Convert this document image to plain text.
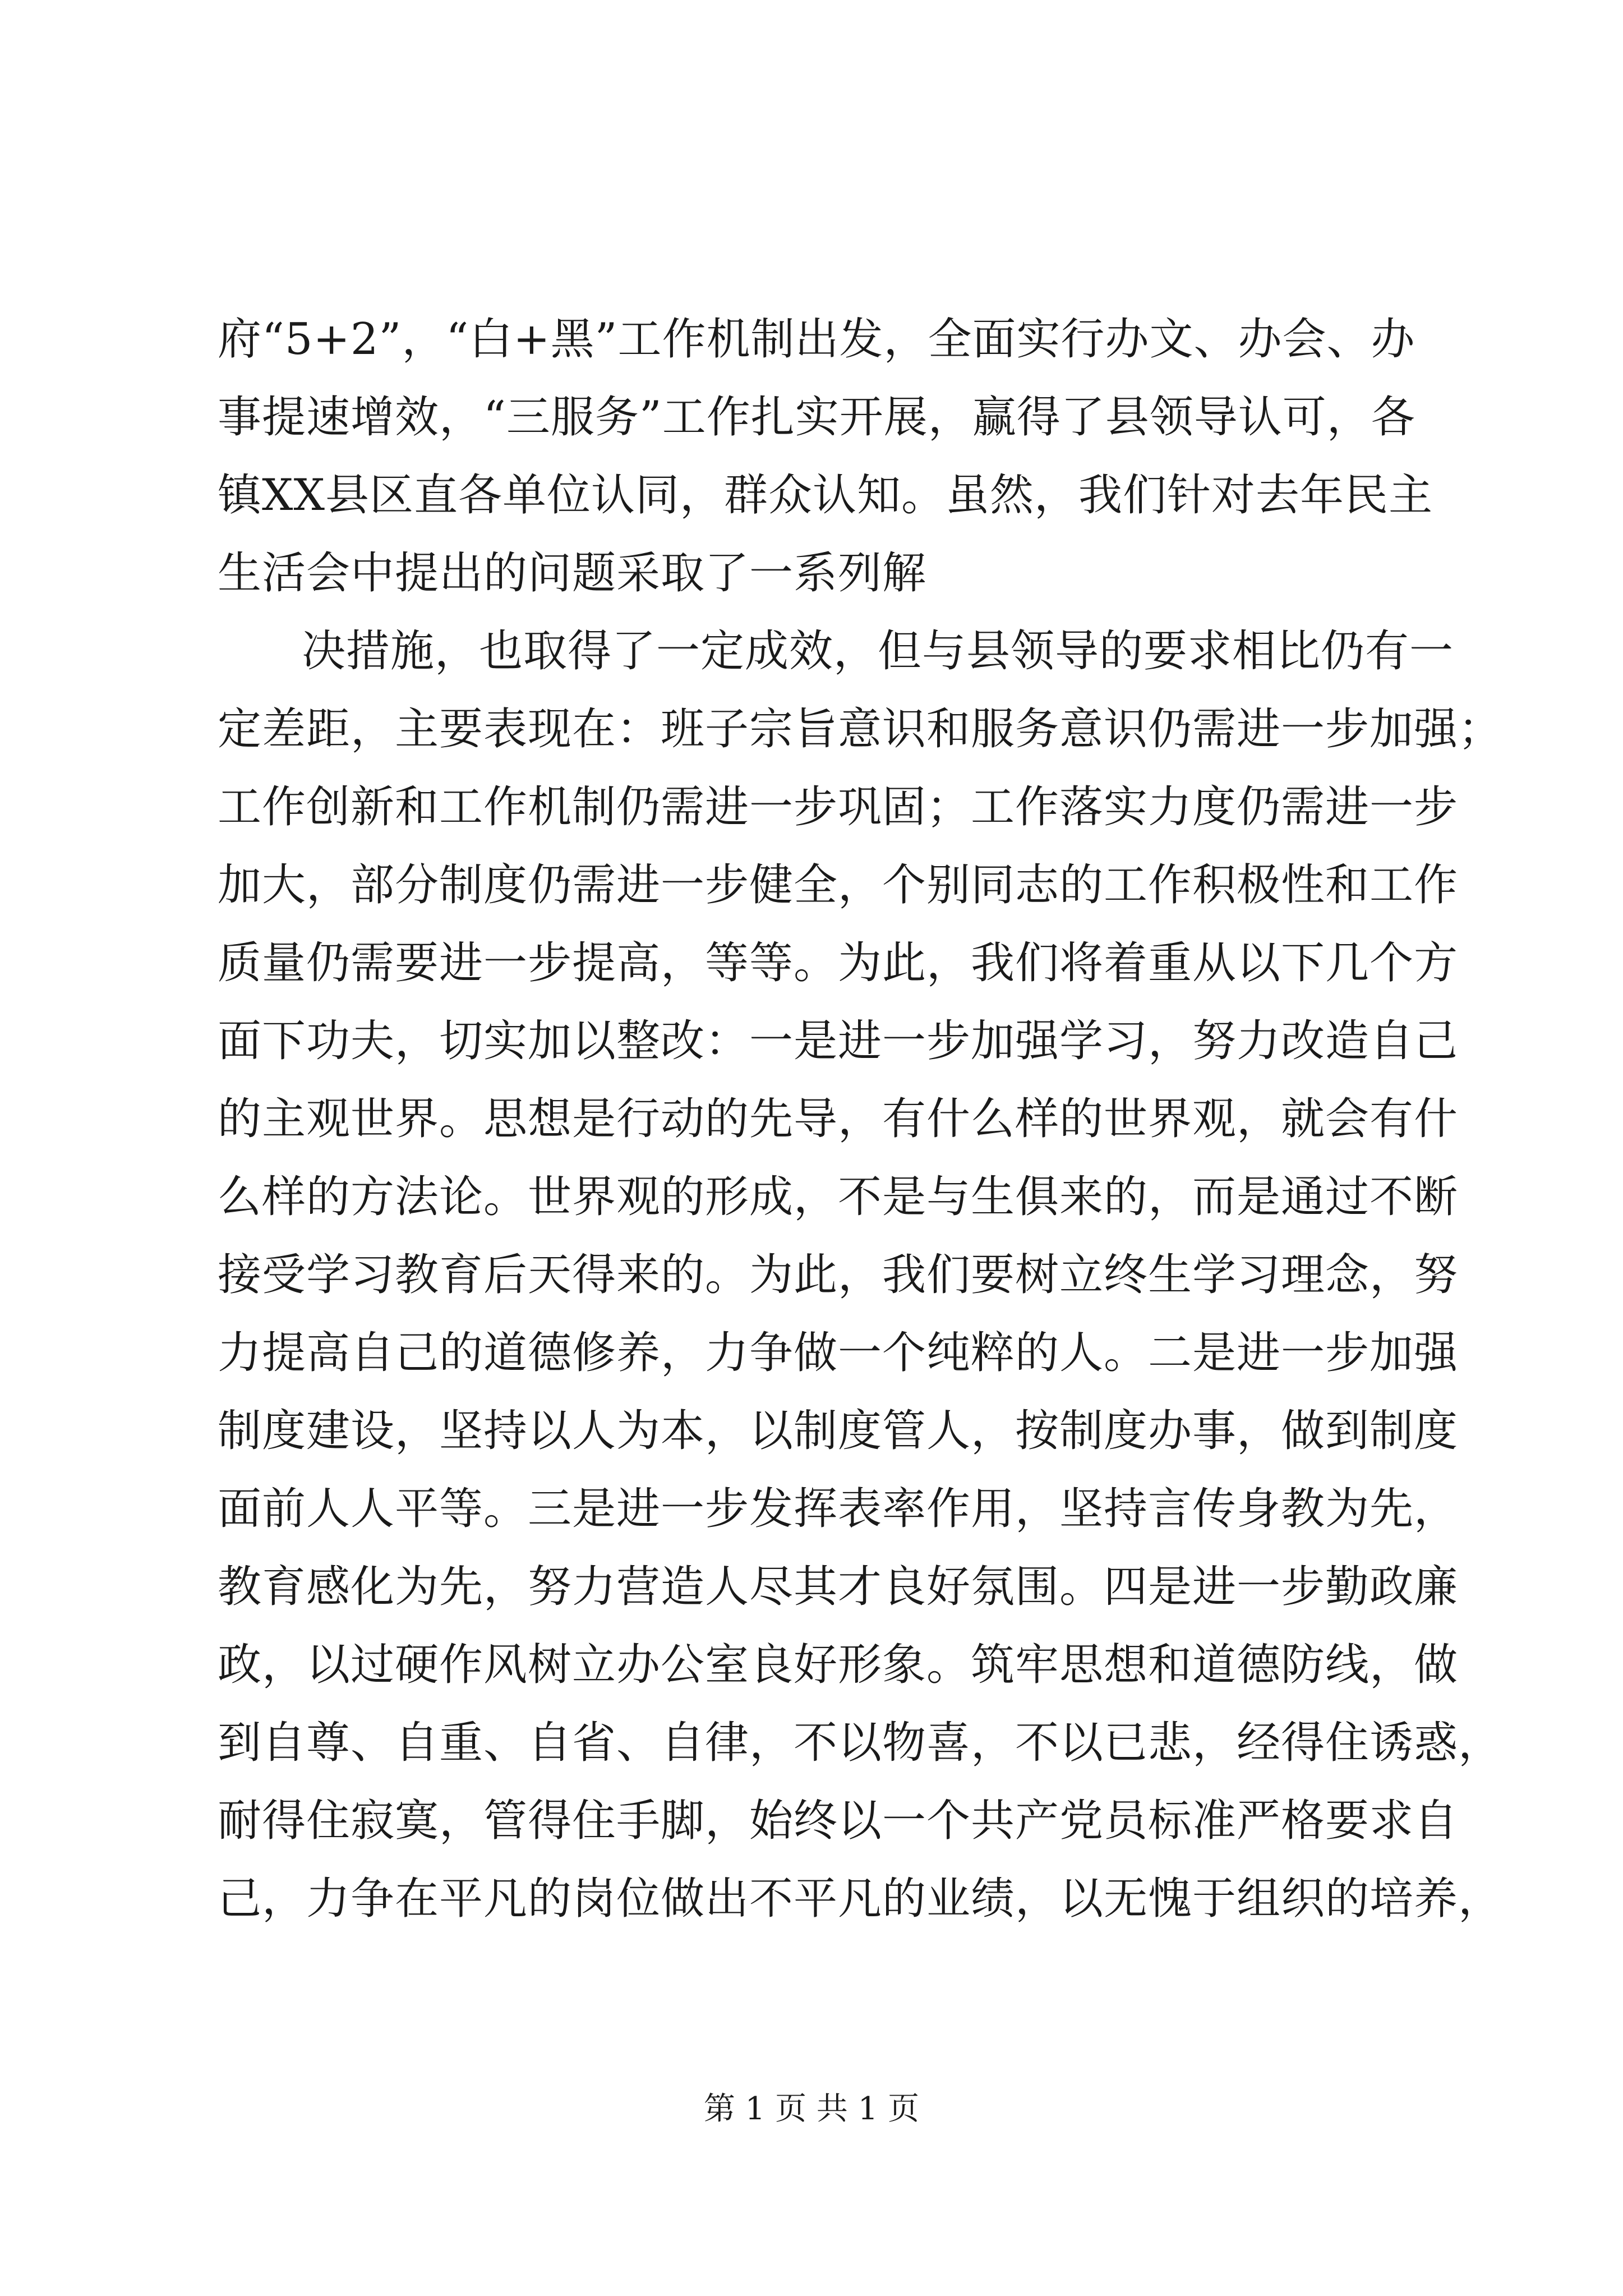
府“5+2”，“白+黑”工作机制出发，全面实行办文、办会、办
事提速增效，“三服务”工作扎实开展，赢得了县领导认可，各
镇XX县区直各单位认同，群众认知。虽然，我们针对去年民主
生活会中提出的问题采取了一系列解
决措施，也取得了一定成效，但与县领导的要求相比仍有一
定差距，主要表现在：班子宗旨意识和服务意识仍需进一步加强；
工作创新和工作机制仍需进一步巩固；工作落实力度仍需进一步
加大，部分制度仍需进一步健全，个别同志的工作积极性和工作
质量仍需要进一步提高，等等。为此，我们将着重从以下几个方
面下功夫，切实加以整改：一是进一步加强学习，努力改造自己
的主观世界。思想是行动的先导，有什么样的世界观，就会有什
么样的方法论。世界观的形成，不是与生俱来的，而是通过不断
接受学习教育后天得来的。为此，我们要树立终生学习理念，努
力提高自己的道德修养，力争做一个纯粹的人。二是进一步加强
制度建设，坚持以人为本，以制度管人，按制度办事，做到制度
面前人人平等。三是进一步发挥表率作用，坚持言传身教为先，
教育感化为先，努力营造人尽其才良好氛围。四是进一步勤政廉
政，以过硬作风树立办公室良好形象。筑牢思想和道德防线，做
到自尊、自重、自省、自律，不以物喜，不以已悲，经得住诱惑，
耐得住寂寞，管得住手脚，始终以一个共产党员标准严格要求自
己，力争在平凡的岗位做出不平凡的业绩，以无愧于组织的培养，
第 1 页 共 1 页
